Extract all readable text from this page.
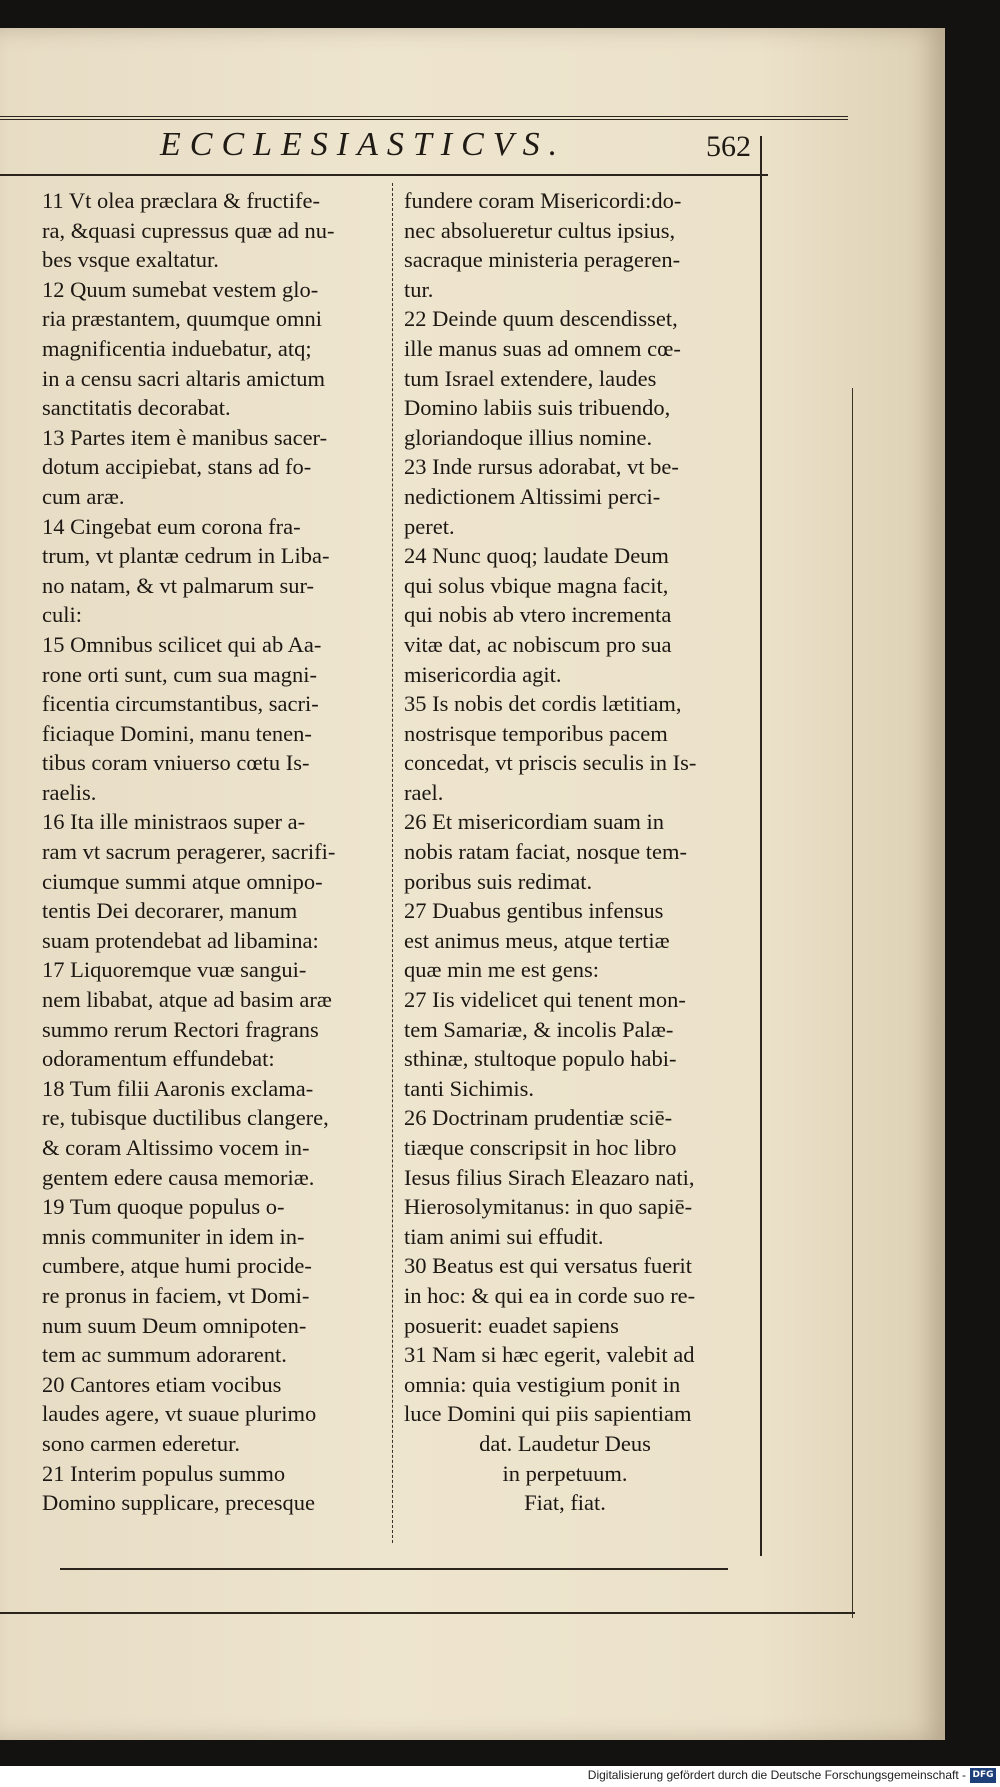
ECCLESIASTICVS.	562
11 Vt olea præclara & fructife-
ra, &quasi cupressus quæ ad nu-
bes vsque exaltatur.
12 Quum sumebat vestem glo-
ria præstantem, quumque omni
magnificentia induebatur, atq;
in a censu sacri altaris amictum
sanctitatis decorabat.
13 Partes item è manibus sacer-
dotum accipiebat, stans ad fo-
cum aræ.
14 Cingebat eum corona fra-
trum, vt plantæ cedrum in Liba-
no natam, & vt palmarum sur-
culi:
15 Omnibus scilicet qui ab Aa-
rone orti sunt, cum sua magni-
ficentia circumstantibus, sacri-
ficiaque Domini, manu tenen-
tibus coram vniuerso cœtu Is-
raelis.
16 Ita ille ministraos super a-
ram vt sacrum peragerer, sacrifi-
ciumque summi atque omnipo-
tentis Dei decorarer, manum
suam protendebat ad libamina:
17 Liquoremque vuæ sangui-
nem libabat, atque ad basim aræ
summo rerum Rectori fragrans
odoramentum effundebat:
18 Tum filii Aaronis exclama-
re, tubisque ductilibus clangere,
& coram Altissimo vocem in-
gentem edere causa memoriæ.
19 Tum quoque populus o-
mnis communiter in idem in-
cumbere, atque humi procide-
re pronus in faciem, vt Domi-
num suum Deum omnipoten-
tem ac summum adorarent.
20 Cantores etiam vocibus
laudes agere, vt suaue plurimo
sono carmen ederetur.
21 Interim populus summo
Domino supplicare, precesque
fundere coram Misericordi:do-
nec absolueretur cultus ipsius,
sacraque ministeria perageren-
tur.
22 Deinde quum descendisset,
ille manus suas ad omnem cœ-
tum Israel extendere, laudes
Domino labiis suis tribuendo,
gloriandoque illius nomine.
23 Inde rursus adorabat, vt be-
nedictionem Altissimi perci-
peret.
24 Nunc quoq; laudate Deum
qui solus vbique magna facit,
qui nobis ab vtero incrementa
vitæ dat, ac nobiscum pro sua
misericordia agit.
35 Is nobis det cordis lætitiam,
nostrisque temporibus pacem
concedat, vt priscis seculis in Is-
rael.
26 Et misericordiam suam in
nobis ratam faciat, nosque tem-
poribus suis redimat.
27 Duabus gentibus infensus
est animus meus, atque tertiæ
quæ min me est gens:
27 Iis videlicet qui tenent mon-
tem Samariæ, & incolis Palæ-
sthinæ, stultoque populo habi-
tanti Sichimis.
26 Doctrinam prudentiæ sciē-
tiæque conscripsit in hoc libro
Iesus filius Sirach Eleazaro nati,
Hierosolymitanus: in quo sapiē-
tiam animi sui effudit.
30 Beatus est qui versatus fuerit
in hoc: & qui ea in corde suo re-
posuerit: euadet sapiens
31 Nam si hæc egerit, valebit ad
omnia: quia vestigium ponit in
luce Domini qui piis sapientiam
dat. Laudetur Deus
in perpetuum.
Fiat, fiat.
Digitalisierung gefördert durch die Deutsche Forschungsgemeinschaft - DFG
